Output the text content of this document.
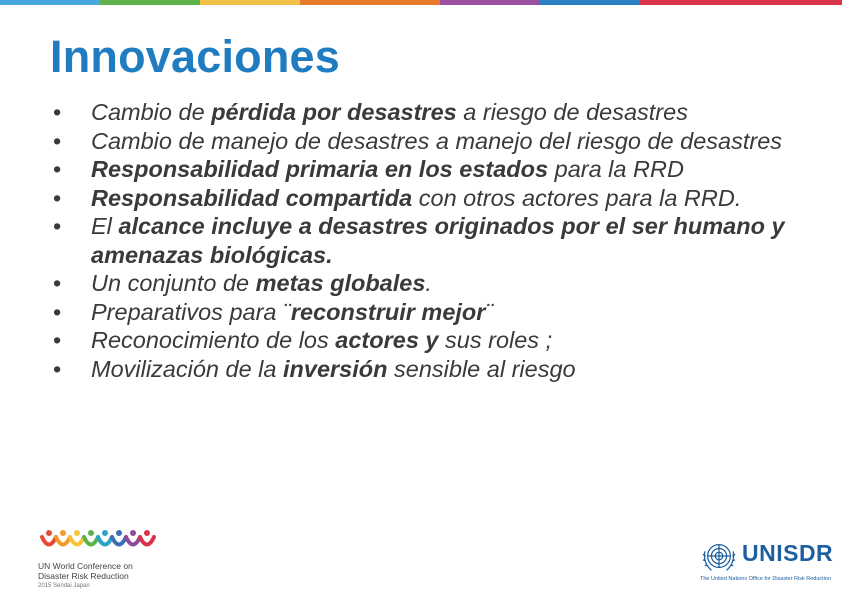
Innovaciones
• Cambio de pérdida por desastres a riesgo de desastres
• Cambio de manejo de desastres a manejo del riesgo de desastres
• Responsabilidad primaria en los estados para la RRD
• Responsabilidad compartida con otros actores para la RRD.
• El alcance incluye a desastres originados por el ser humano y amenazas biológicas.
• Un conjunto de metas globales.
• Preparativos para ¨reconstruir mejor¨
• Reconocimiento de los actores y sus roles ;
• Movilización de la inversión sensible al riesgo
UN World Conference on
Disaster Risk Reduction
2015 Sendai Japan
UNISDR
The United Nations Office for Disaster Risk Reduction
